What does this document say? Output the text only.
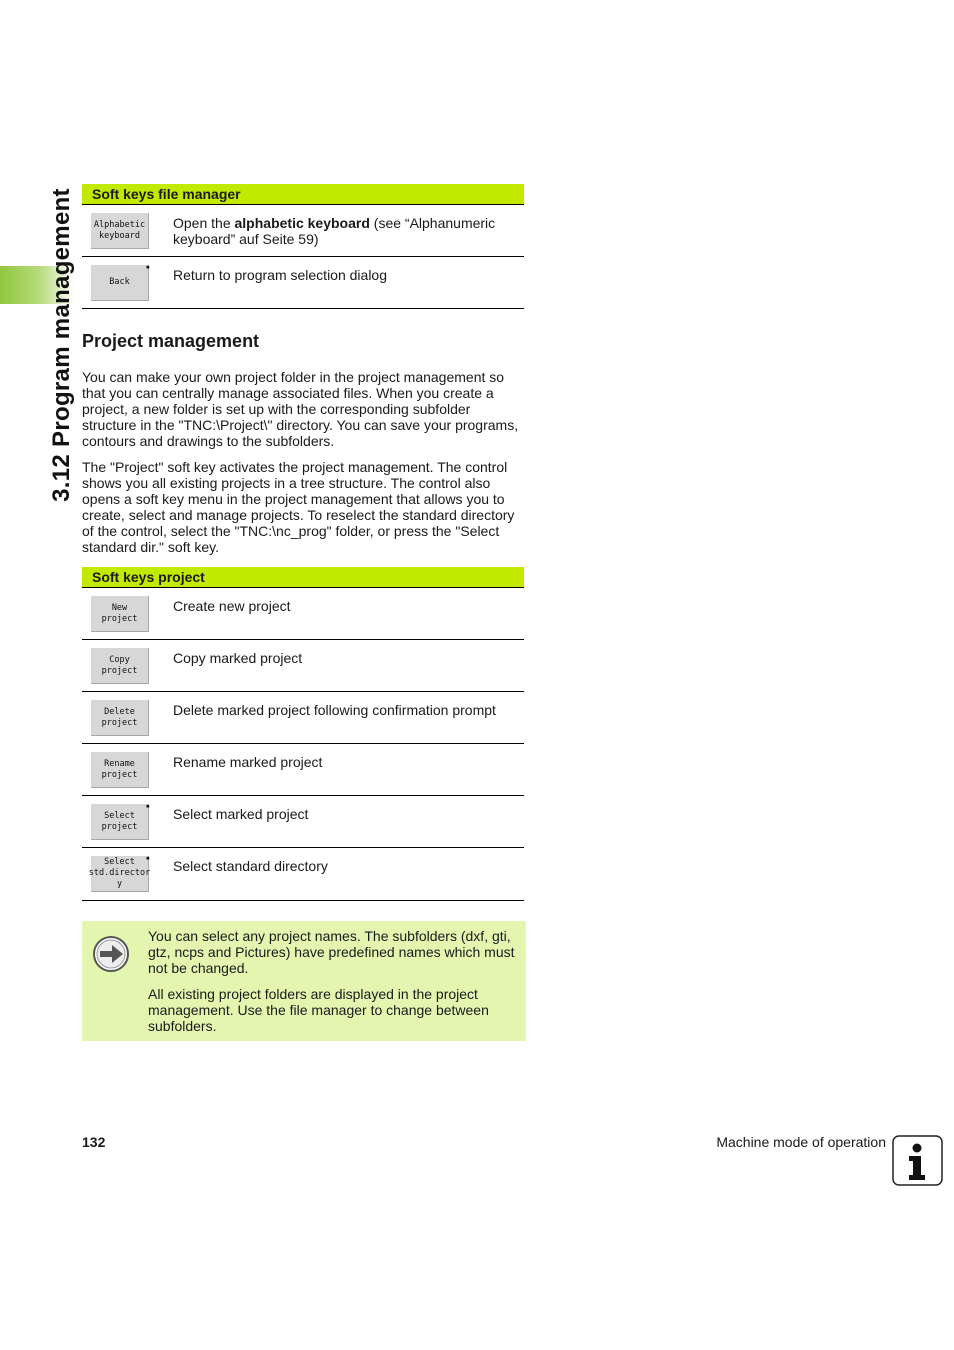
3.12 Program management	Soft keys file manager
Alphabetic
keyboard
Open the alphabetic keyboard (see “Alphanumeric keyboard” auf Seite 59)
Back
▪ Return to program selection dialog
Project management

You can make your own project folder in the project management so that you can centrally manage associated files. When you create a project, a new folder is set up with the corresponding subfolder structure in the "TNC:\Project\" directory. You can save your programs, contours and drawings to the subfolders.

The "Project" soft key activates the project management. The control shows you all existing projects in a tree structure. The control also opens a soft key menu in the project management that allows you to create, select and manage projects. To reselect the standard directory of the control, select the "TNC:\nc_prog" folder, or press the "Select standard dir." soft key.

Soft keys project
New
project
Create new project
Copy
project
Copy marked project
Delete
project
Delete marked project following confirmation prompt
Rename
project
Rename marked project
Select
project
▪ Select marked project
Select
std.director
y
▪ Select standard directory

You can select any project names. The subfolders (dxf, gti, gtz, ncps and Pictures) have predefined names which must not be changed.

All existing project folders are displayed in the project management. Use the file manager to change between subfolders.

132	Machine mode of operation
